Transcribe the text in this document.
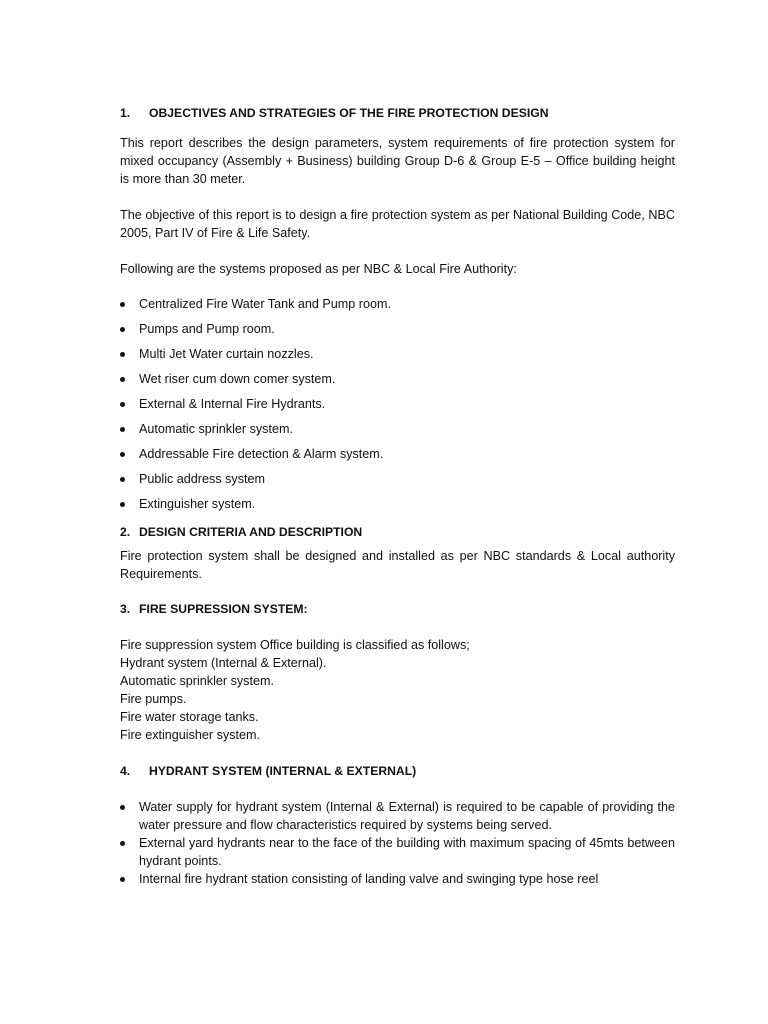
1. OBJECTIVES AND STRATEGIES OF THE FIRE PROTECTION DESIGN

This report describes the design parameters, system requirements of fire protection system for mixed occupancy (Assembly + Business) building Group D-6 & Group E-5 – Office building height is more than 30 meter.

The objective of this report is to design a fire protection system as per National Building Code, NBC 2005, Part IV of Fire & Life Safety.

Following are the systems proposed as per NBC & Local Fire Authority:

Centralized Fire Water Tank and Pump room.
Pumps and Pump room.
Multi Jet Water curtain nozzles.
Wet riser cum down comer system.
External & Internal Fire Hydrants.
Automatic sprinkler system.
Addressable Fire detection & Alarm system.
Public address system
Extinguisher system.
2. DESIGN CRITERIA AND DESCRIPTION

Fire protection system shall be designed and installed as per NBC standards & Local authority Requirements.

3. FIRE SUPRESSION SYSTEM:

Fire suppression system Office building is classified as follows;

Hydrant system (Internal & External).

Automatic sprinkler system.

Fire pumps.

Fire water storage tanks.

Fire extinguisher system.

4. HYDRANT SYSTEM (INTERNAL & EXTERNAL)
Water supply for hydrant system (Internal & External) is required to be capable of providing the water pressure and flow characteristics required by systems being served.
External yard hydrants near to the face of the building with maximum spacing of 45mts between hydrant points.
Internal fire hydrant station consisting of landing valve and swinging type hose reel
